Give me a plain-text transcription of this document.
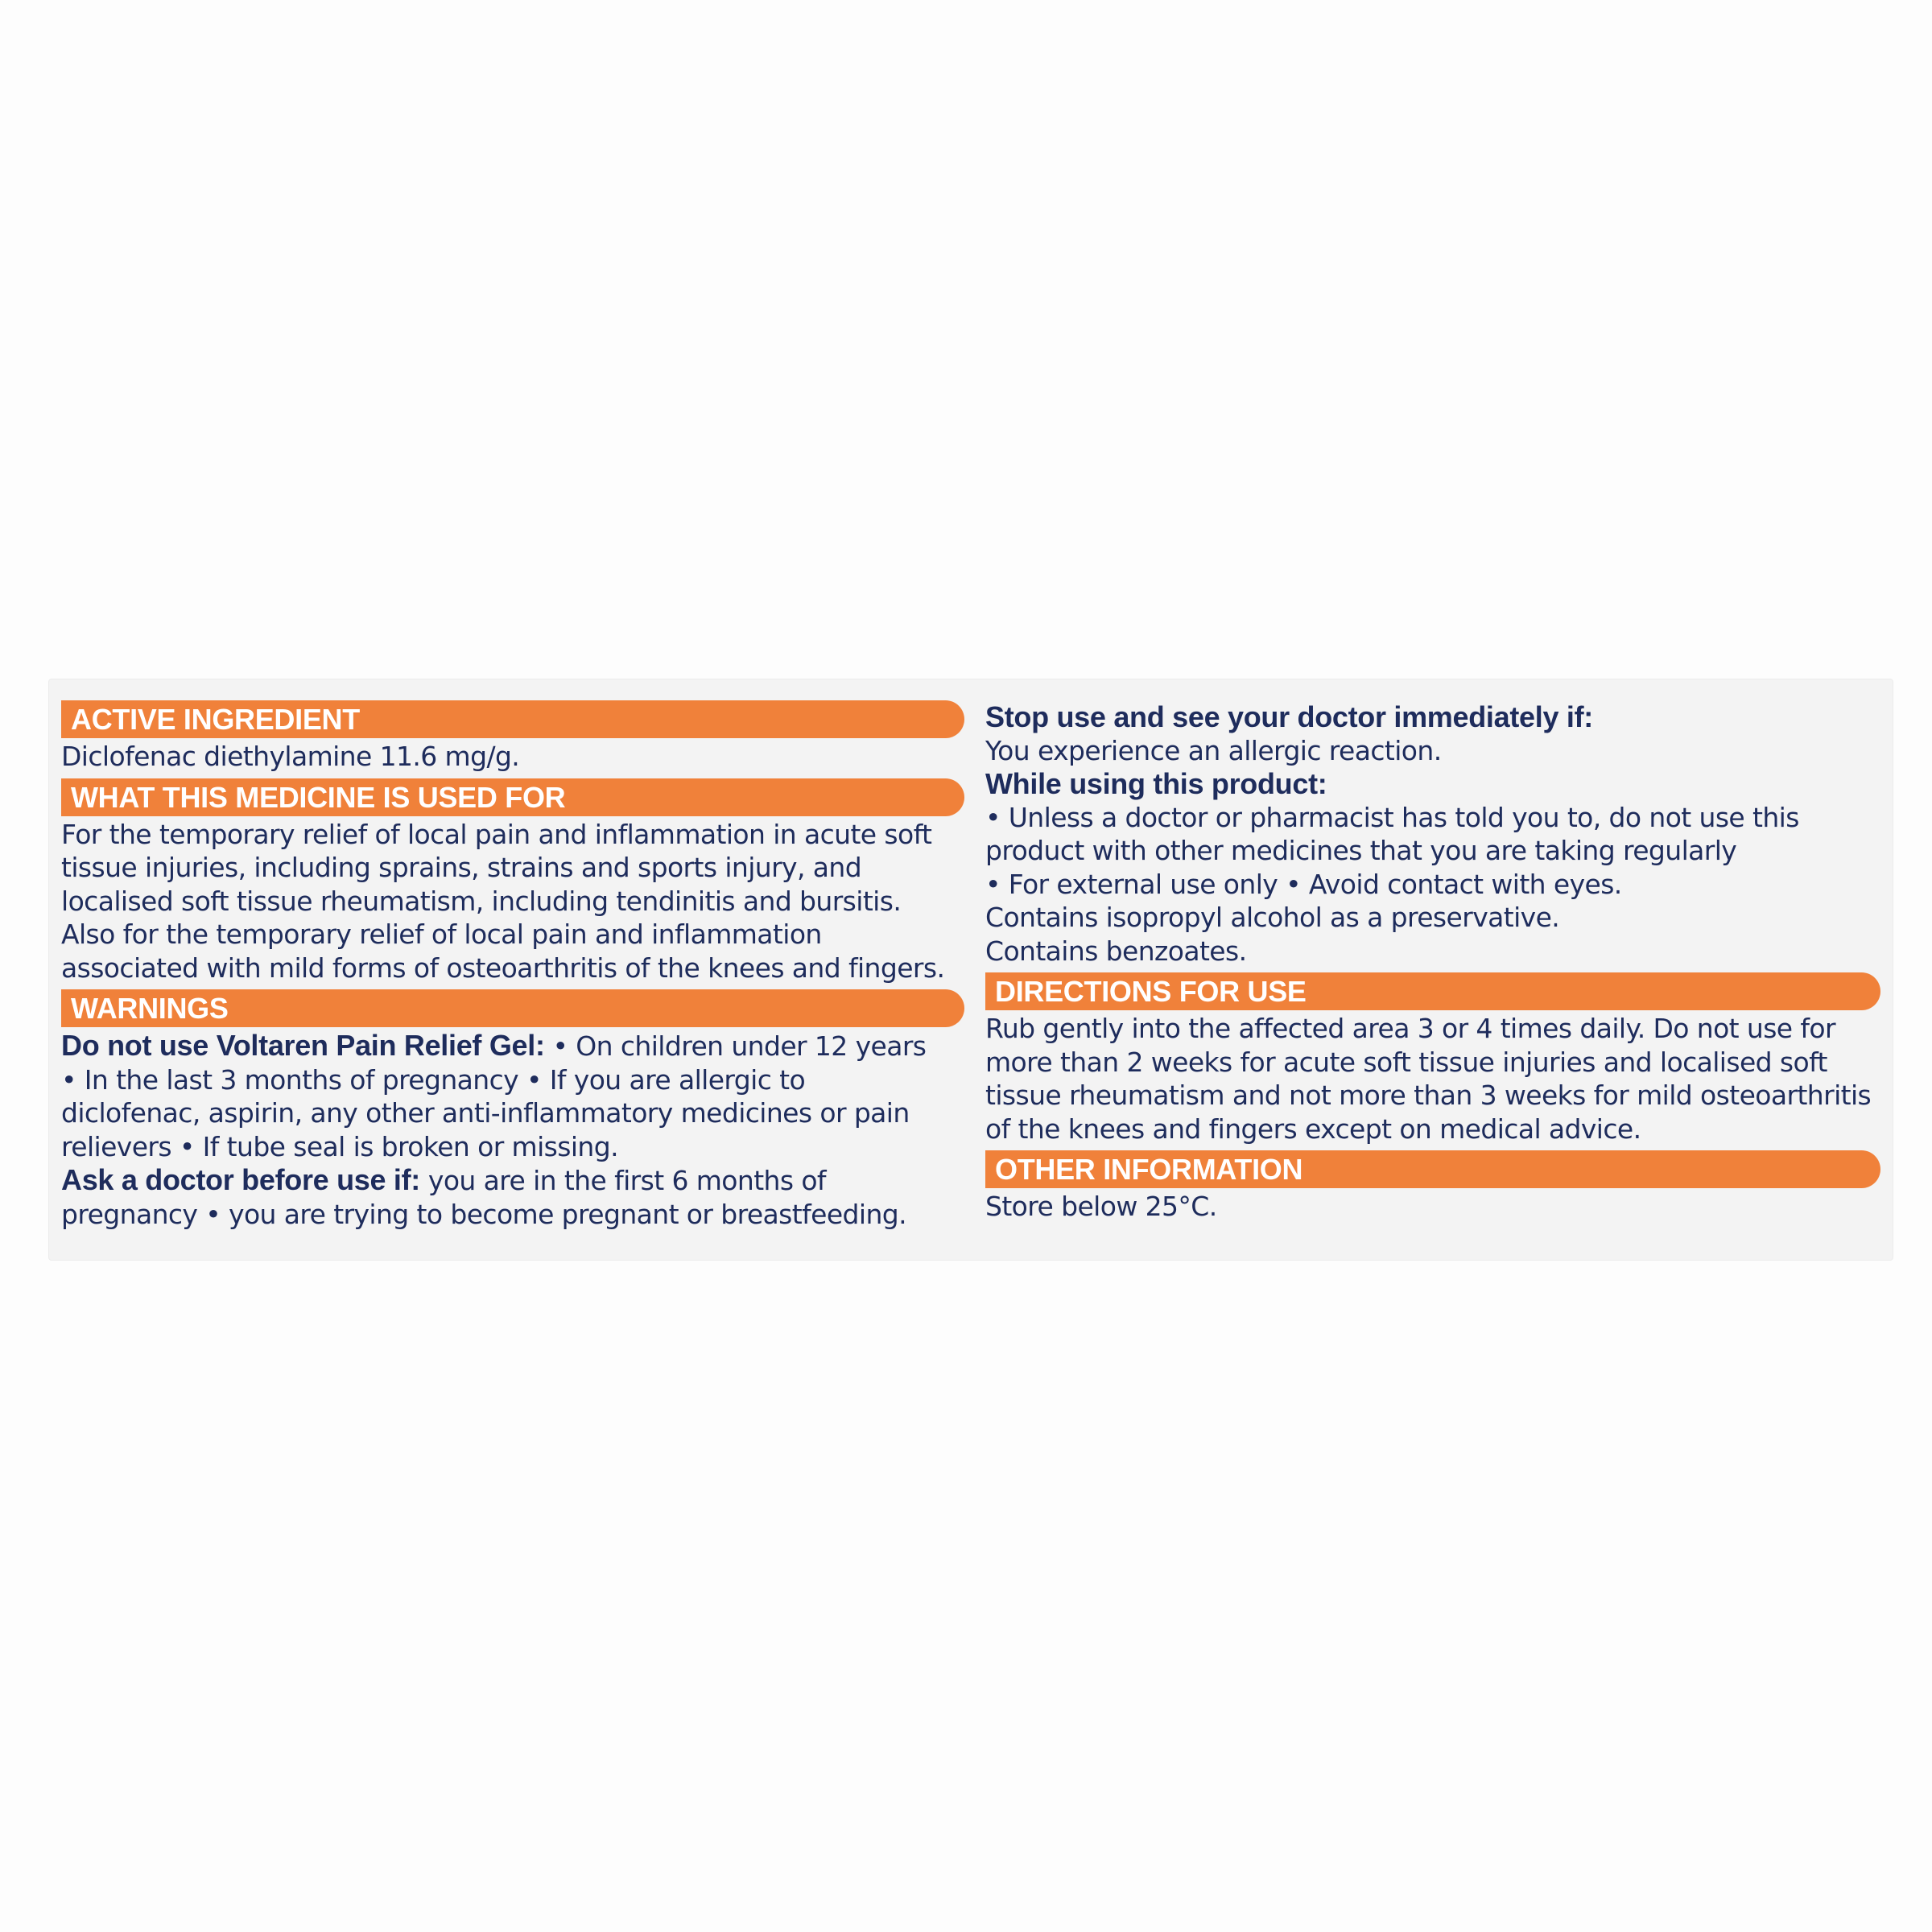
ACTIVE INGREDIENT
Diclofenac diethylamine 11.6 mg/g.
WHAT THIS MEDICINE IS USED FOR
For the temporary relief of local pain and inflammation in acute soft
tissue injuries, including sprains, strains and sports injury, and
localised soft tissue rheumatism, including tendinitis and bursitis.
Also for the temporary relief of local pain and inflammation
associated with mild forms of osteoarthritis of the knees and fingers.
WARNINGS
Do not use Voltaren Pain Relief Gel: • On children under 12 years
• In the last 3 months of pregnancy • If you are allergic to
diclofenac, aspirin, any other anti-inflammatory medicines or pain
relievers • If tube seal is broken or missing.
Ask a doctor before use if: you are in the first 6 months of
pregnancy • you are trying to become pregnant or breastfeeding.
Stop use and see your doctor immediately if:
You experience an allergic reaction.
While using this product:
• Unless a doctor or pharmacist has told you to, do not use this
product with other medicines that you are taking regularly
• For external use only • Avoid contact with eyes.
Contains isopropyl alcohol as a preservative.
Contains benzoates.
DIRECTIONS FOR USE
Rub gently into the affected area 3 or 4 times daily. Do not use for
more than 2 weeks for acute soft tissue injuries and localised soft
tissue rheumatism and not more than 3 weeks for mild osteoarthritis
of the knees and fingers except on medical advice.
OTHER INFORMATION
Store below 25°C.
